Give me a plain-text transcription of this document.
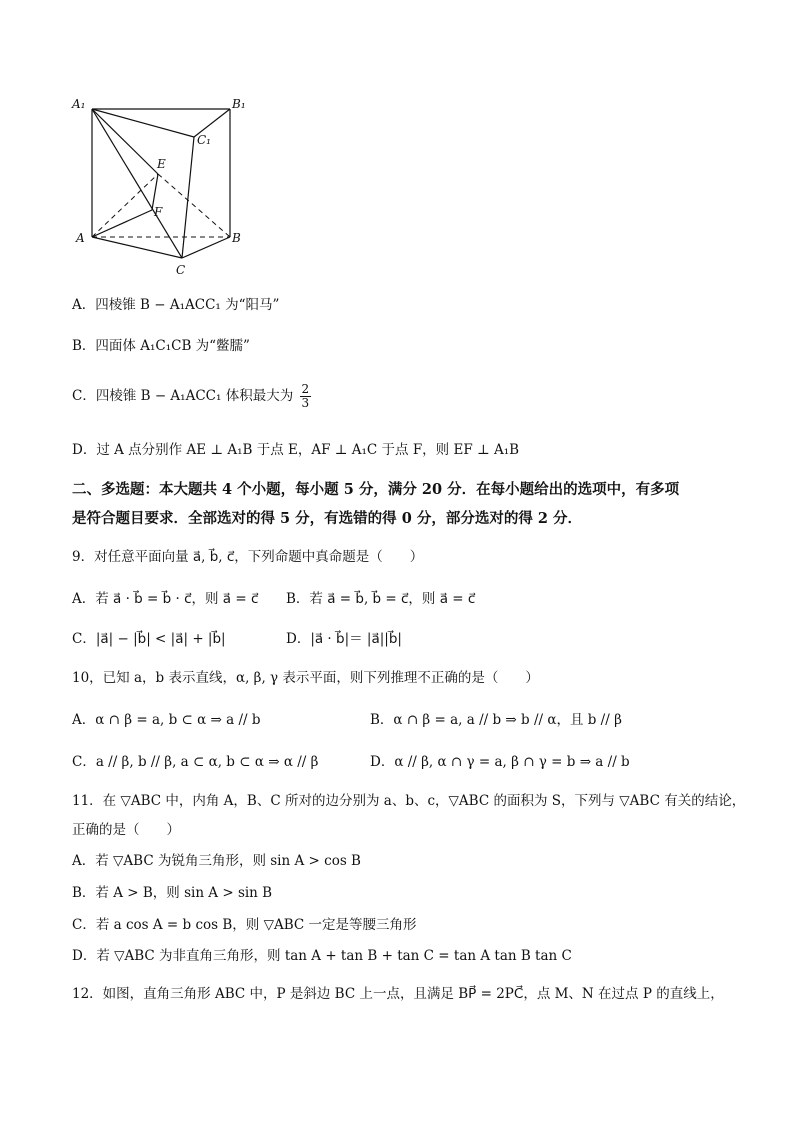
A₁	B₁
C₁
E
F
A	B
C
A．四棱锥 B − A₁ACC₁ 为“阳马”
B．四面体 A₁C₁CB 为“鳖臑”
C．四棱锥 B − A₁ACC₁ 体积最大为 $\frac{2}{3}$
D．过 A 点分别作 AE ⊥ A₁B 于点 E，AF ⊥ A₁C 于点 F，则 EF ⊥ A₁B
二、多选题：本大题共 4 个小题，每小题 5 分，满分 20 分．在每小题给出的选项中，有多项
是符合题目要求．全部选对的得 5 分，有选错的得 0 分，部分选对的得 2 分．
9．对任意平面向量 a⃗, b⃗, c⃗，下列命题中真命题是（　　）
A．若 a⃗ · b⃗ = b⃗ · c⃗，则 a⃗ = c⃗ B．若 a⃗ = b⃗, b⃗ = c⃗，则 a⃗ = c⃗
C．|a⃗| − |b⃗| < |a⃗| + |b⃗|	D．|a⃗ · b⃗|＝ |a⃗||b⃗|
10，已知 a，b 表示直线，α, β, γ 表示平面，则下列推理不正确的是（　　）
A．α ∩ β = a, b ⊂ α ⇒ a // b	B．α ∩ β = a, a // b ⇒ b // α，且 b // β
C．a // β, b // β, a ⊂ α, b ⊂ α ⇒ α // β	D．α // β, α ∩ γ = a, β ∩ γ = b ⇒ a // b
11．在 ▽ABC 中，内角 A，B、C 所对的边分别为 a、b、c，▽ABC 的面积为 S，下列与 ▽ABC 有关的结论，
正确的是（　　）
A．若 ▽ABC 为锐角三角形，则 sin A > cos B
B．若 A > B，则 sin A > sin B
C．若 a cos A = b cos B，则 ▽ABC 一定是等腰三角形
D．若 ▽ABC 为非直角三角形，则 tan A + tan B + tan C = tan A tan B tan C
12．如图，直角三角形 ABC 中，P 是斜边 BC 上一点，且满足 BP⃗ = 2PC⃗，点 M、N 在过点 P 的直线上，
